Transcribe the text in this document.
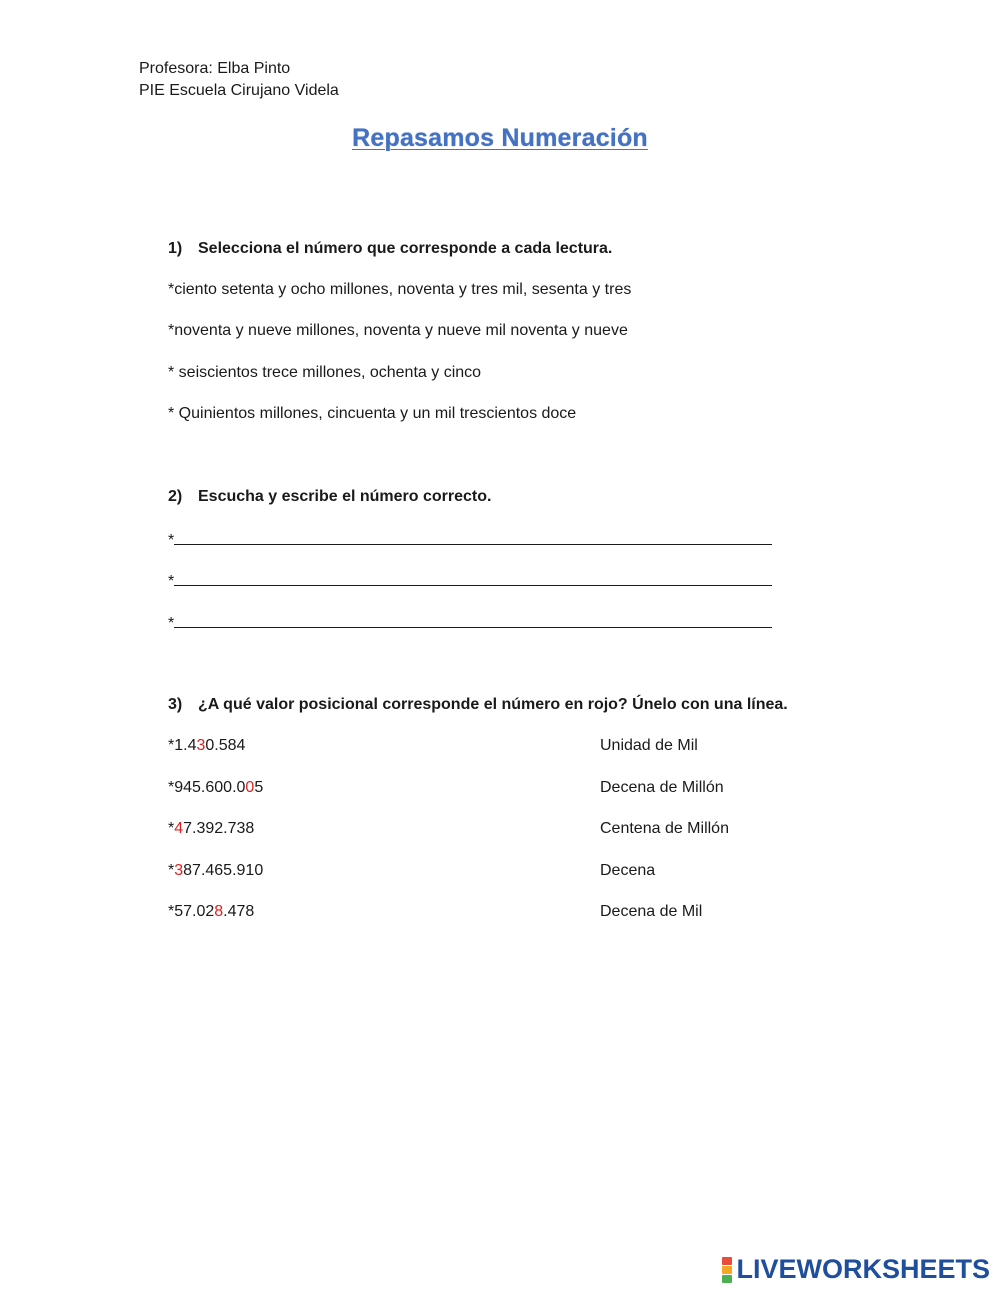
Profesora: Elba Pinto
PIE Escuela Cirujano Videla
Repasamos Numeración
1) Selecciona el número que corresponde a cada lectura.
*ciento setenta y ocho millones, noventa y tres mil, sesenta y tres
*noventa y nueve millones, noventa y nueve mil noventa y nueve
* seiscientos trece millones, ochenta y cinco
* Quinientos millones, cincuenta y un mil trescientos doce
2) Escucha y escribe el número correcto.
*
*
*
3) ¿A qué valor posicional corresponde el número en rojo? Únelo con una línea.
*1.430.584
*945.600.005
*47.392.738
*387.465.910
*57.028.478
Unidad de Mil
Decena de Millón
Centena de Millón
Decena
Decena de Mil
LIVEWORKSHEETS
